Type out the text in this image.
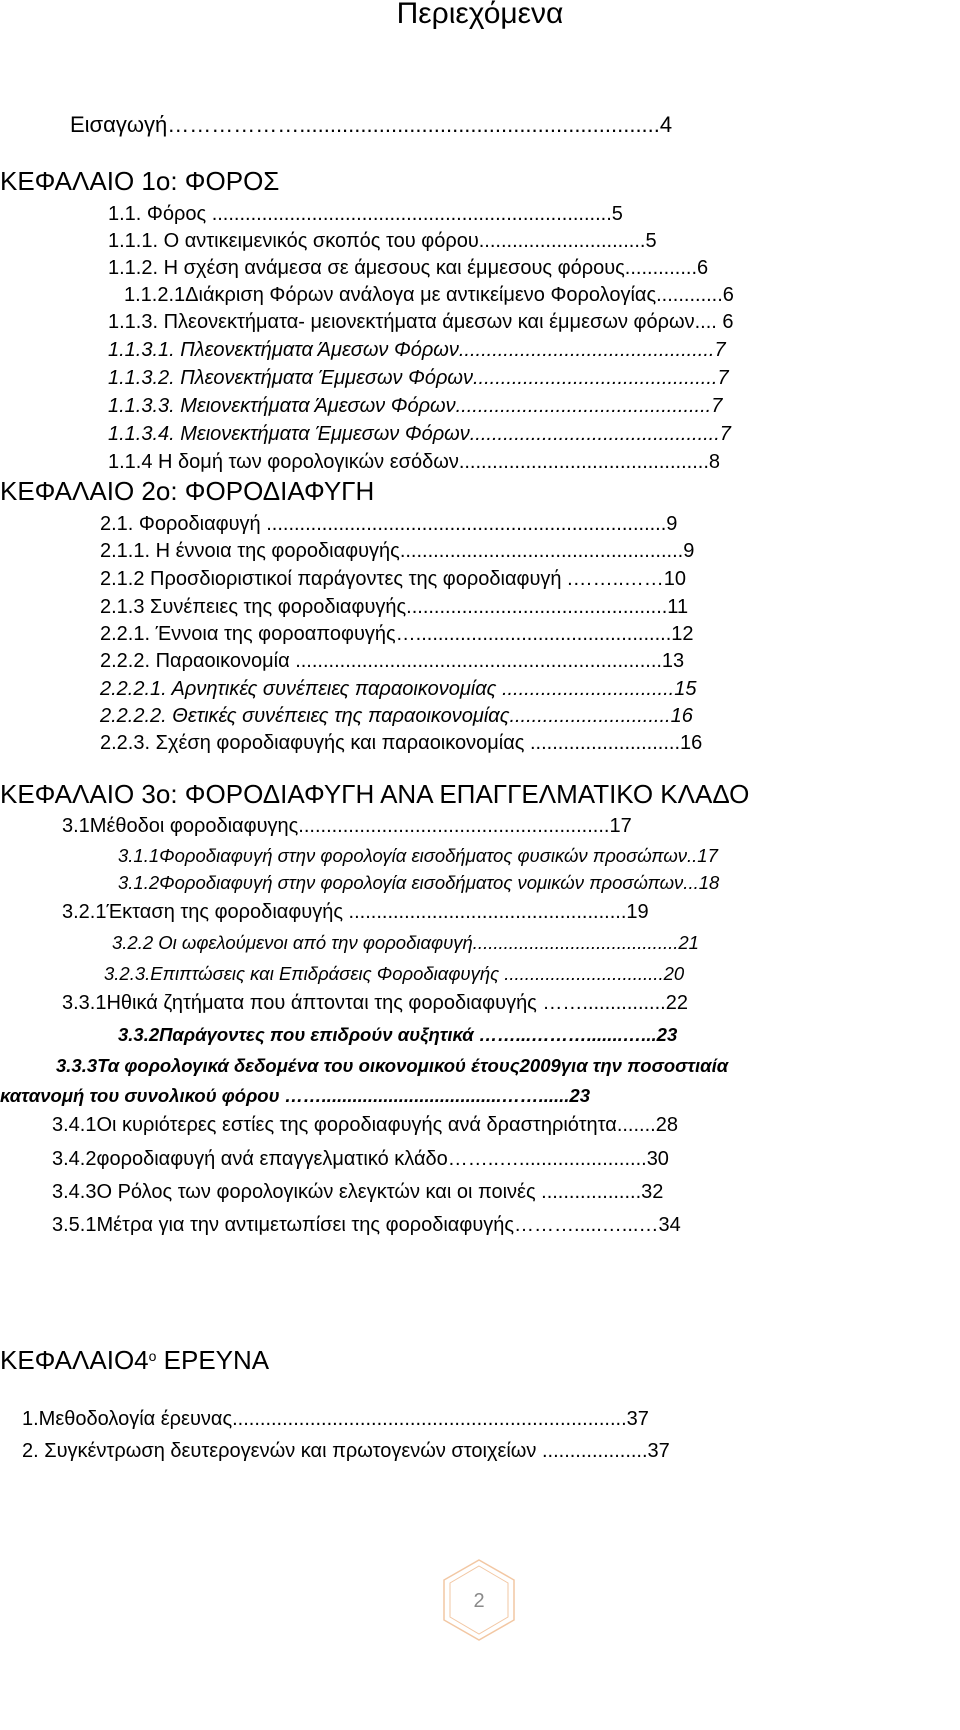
Περιεχόμενα
Εισαγωγή………………...........................................................4
ΚΕΦΑΛΑΙΟ 1ο: ΦΟΡΟΣ
1.1. Φόρος ........................................................................5
1.1.1. Ο αντικειμενικός σκοπός του φόρου..............................5
1.1.2. Η σχέση ανάμεσα σε άμεσους και έμμεσους φόρους.............6
1.1.2.1Διάκριση Φόρων ανάλογα με αντικείμενο Φορολογίας............6
1.1.3. Πλεονεκτήματα- μειονεκτήματα άμεσων και έμμεσων φόρων.... 6
1.1.3.1. Πλεονεκτήματα Άμεσων Φόρων..............................................7
1.1.3.2. Πλεονεκτήματα Έμμεσων Φόρων............................................7
1.1.3.3. Μειονεκτήματα Άμεσων Φόρων..............................................7
1.1.3.4. Μειονεκτήματα Έμμεσων Φόρων.............................................7
1.1.4 Η δομή των φορολογικών εσόδων.............................................8
ΚΕΦΑΛΑΙΟ 2ο: ΦΟΡΟΔΙΑΦΥΓΗ
2.1. Φοροδιαφυγή ........................................................................9
2.1.1. Η έννοια της φοροδιαφυγής...................................................9
2.1.2 Προσδιοριστικοί παράγοντες της φοροδιαφυγή .……..……10
2.1.3 Συνέπειες της φοροδιαφυγής...............................................11
2.2.1. Έννοια της φοροαποφυγής…..............................................12
2.2.2. Παραοικονομία ..................................................................13
2.2.2.1. Αρνητικές συνέπειες παραοικονομίας ...............................15
2.2.2.2. Θετικές συνέπειες της παραοικονομίας.............................16
2.2.3. Σχέση φοροδιαφυγής και παραοικονομίας ...........................16
ΚΕΦΑΛΑΙΟ 3ο: ΦΟΡΟΔΙΑΦΥΓΗ ΑΝΑ ΕΠΑΓΓΕΛΜΑΤΙΚΟ ΚΛΑΔΟ
3.1Μέθοδοι φοροδιαφυγης........................................................17
3.1.1Φοροδιαφυγή στην φορολογία εισοδήματος φυσικών προσώπων..17
3.1.2Φοροδιαφυγή στην φορολογία εισοδήματος νομικών προσώπων...18
3.2.1Έκταση της φοροδιαφυγής ..................................................19
3.2.2 Οι ωφελούμενοι από την φοροδιαφυγή........................................21
3.2.3.Επιπτώσεις και Επιδράσεις Φοροδιαφυγής ...............................20
3.3.1Ηθικά ζητήματα που άπτονται της φοροδιαφυγής ……...............22
3.3.2Παράγοντες που επιδρούν αυξητικά ……...……….......…...23
3.3.3Τα φορολογικά δεδομένα του οικονομικού έτους2009για την ποσοστιαία
κατανομή του συνολικού φόρου ……...................................……......23
3.4.1Οι κυριότερες εστίες της φοροδιαφυγής ανά δραστηριότητα.......28
3.4.2φοροδιαφυγή ανά επαγγελματικό κλάδο……..….......................30
3.4.3Ο Ρόλος των φορολογικών ελεγκτών και οι ποινές ..................32
3.5.1Μέτρα για την αντιμετωπίσει της φοροδιαφυγής……….....…...…34
$KE\Phi A\Lambda AIO4^o$ ΕΡΕΥΝΑ
1.Μεθοδολογία έρευνας.......................................................................37
2. Συγκέντρωση δευτερογενών και πρωτογενών στοιχείων ...................37
2
